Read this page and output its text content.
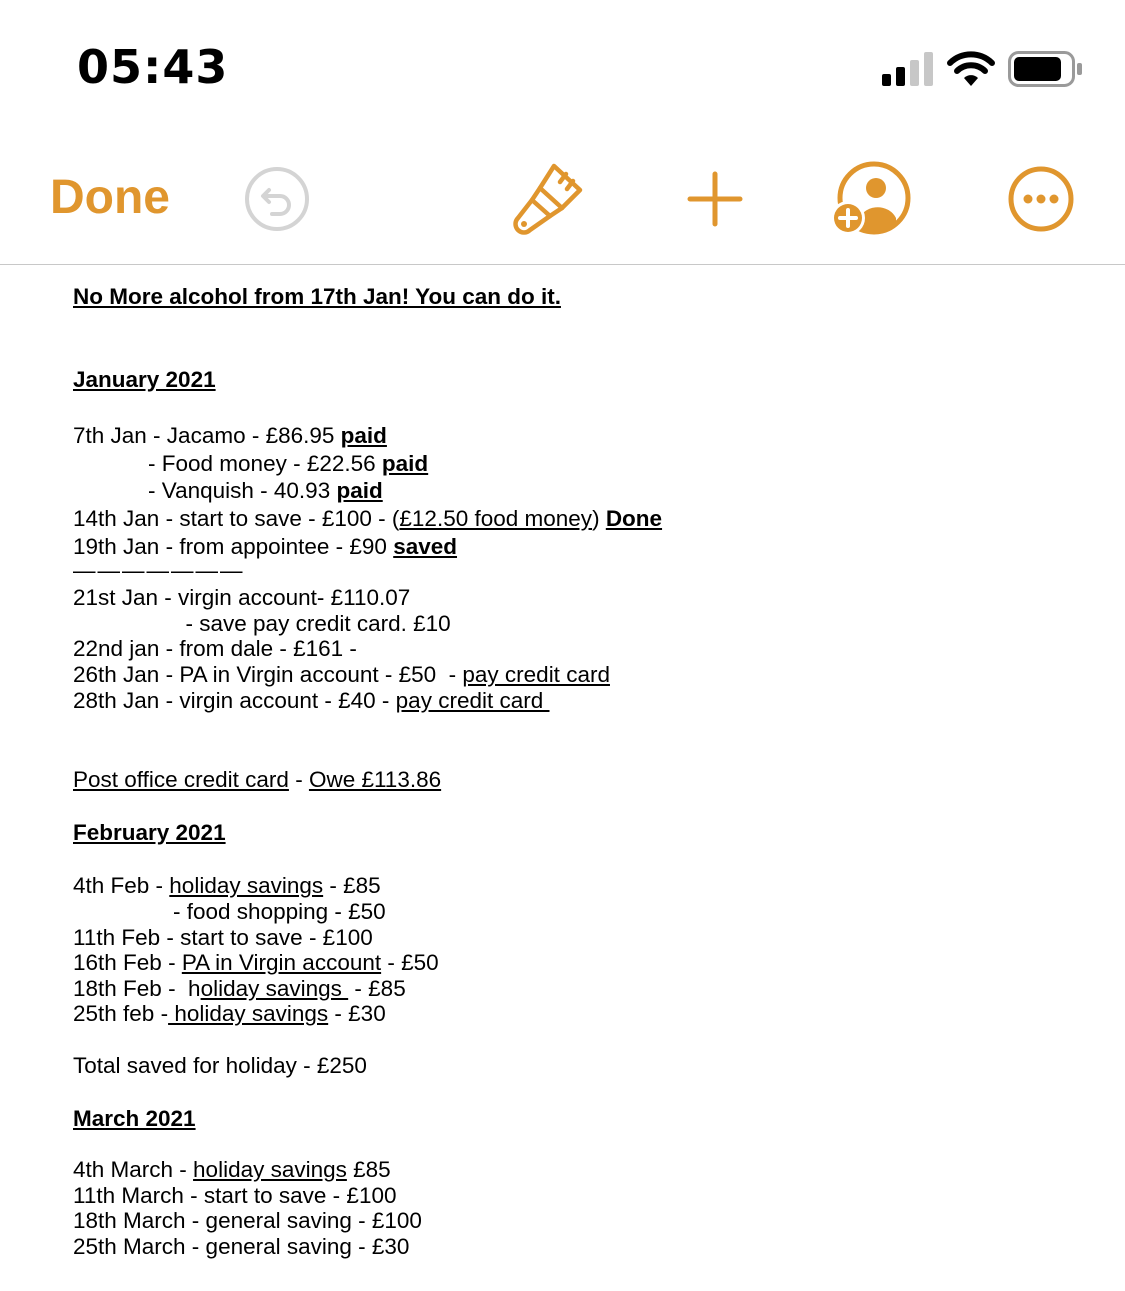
05:43
Done
No More alcohol from 17th Jan! You can do it.
January 2021
7th Jan - Jacamo - £86.95 paid
- Food money - £22.56 paid
- Vanquish - 40.93 paid
14th Jan - start to save - £100 - (£12.50 food money) Done
19th Jan - from appointee - £90 saved
———————
21st Jan - virgin account- £110.07
- save pay credit card. £10
22nd jan - from dale - £161 -
26th Jan - PA in Virgin account - £50  - pay credit card
28th Jan - virgin account - £40 - pay credit card
Post office credit card - Owe £113.86
February 2021
4th Feb - holiday savings - £85
- food shopping - £50
11th Feb - start to save - £100
16th Feb - PA in Virgin account - £50
18th Feb -  holiday savings  - £85
25th feb - holiday savings - £30
Total saved for holiday - £250
March 2021
4th March - holiday savings £85
11th March - start to save - £100
18th March - general saving - £100
25th March - general saving - £30
